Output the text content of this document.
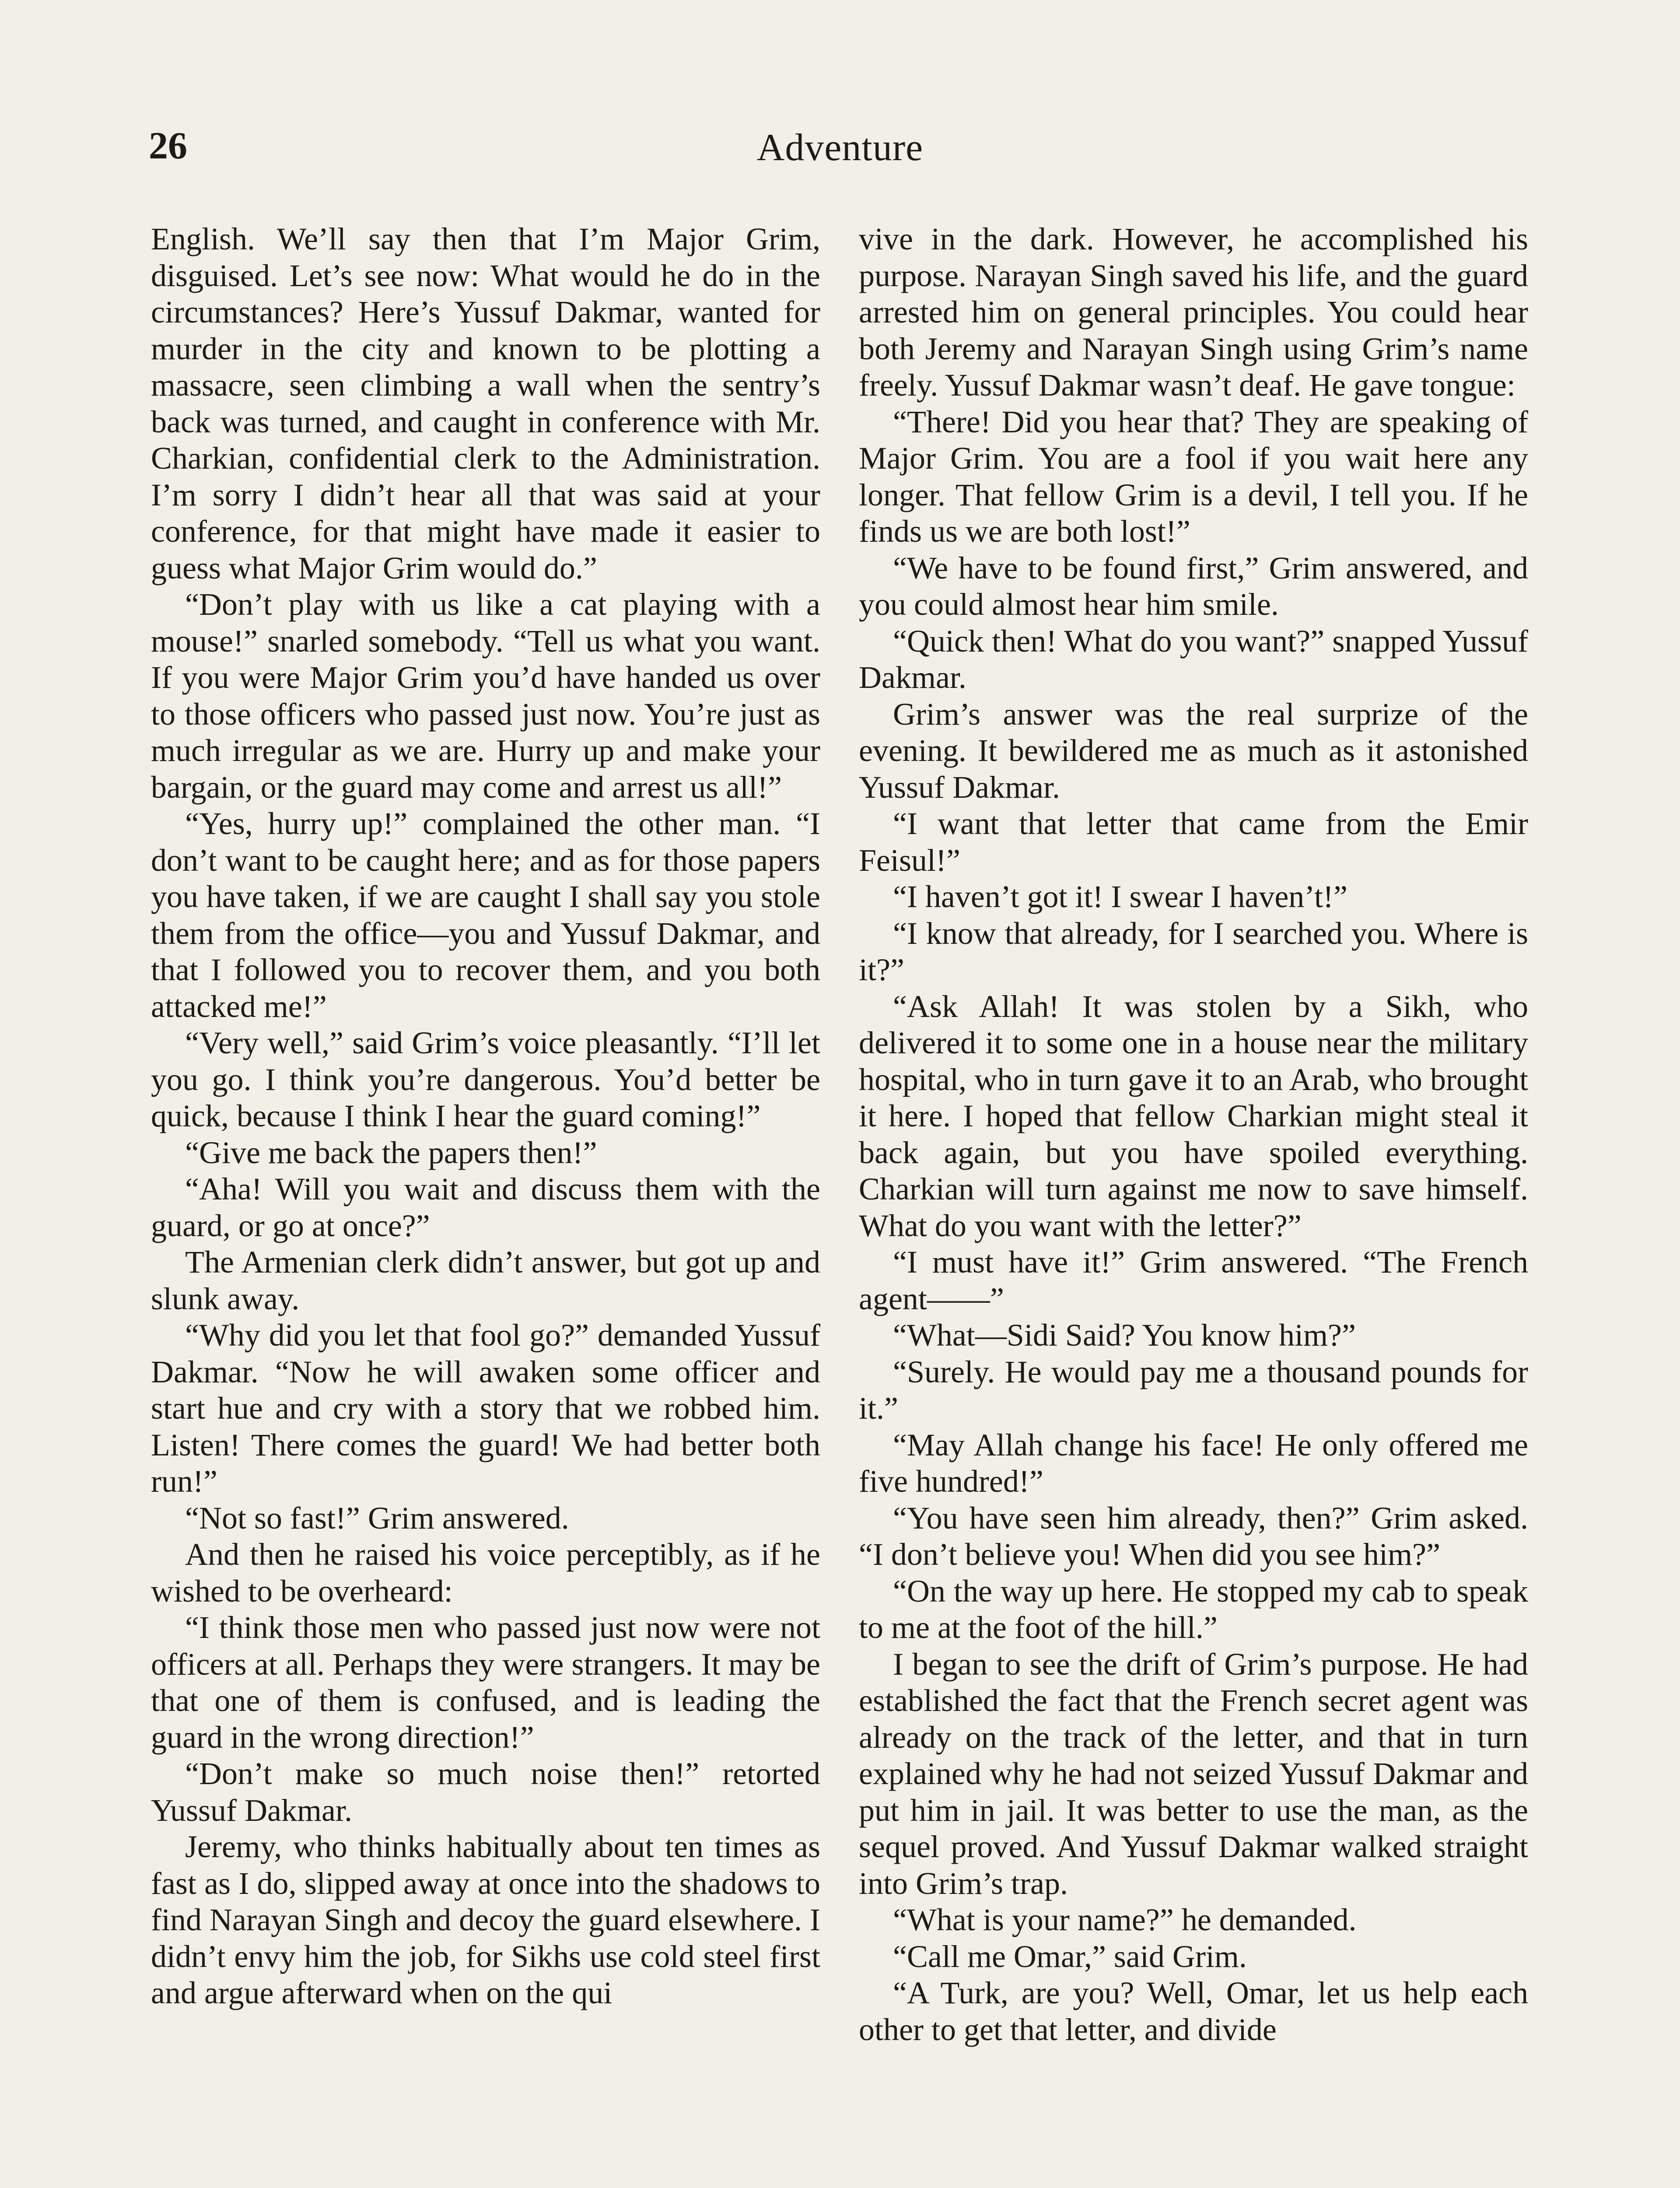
26	Adventure

English. We’ll say then that I’m Major Grim, disguised. Let’s see now: What would he do in the circumstances? Here’s Yussuf Dakmar, wanted for murder in the city and known to be plotting a massacre, seen climbing a wall when the sentry’s back was turned, and caught in conference with Mr. Charkian, confidential clerk to the Administration. I’m sorry I didn’t hear all that was said at your conference, for that might have made it easier to guess what Major Grim would do.”

“Don’t play with us like a cat playing with a mouse!” snarled somebody. “Tell us what you want. If you were Major Grim you’d have handed us over to those officers who passed just now. You’re just as much irregular as we are. Hurry up and make your bargain, or the guard may come and arrest us all!”

“Yes, hurry up!” complained the other man. “I don’t want to be caught here; and as for those papers you have taken, if we are caught I shall say you stole them from the office—you and Yussuf Dakmar, and that I followed you to recover them, and you both attacked me!”

“Very well,” said Grim’s voice pleasantly. “I’ll let you go. I think you’re dangerous. You’d better be quick, because I think I hear the guard coming!”

“Give me back the papers then!”

“Aha! Will you wait and discuss them with the guard, or go at once?”

The Armenian clerk didn’t answer, but got up and slunk away.

“Why did you let that fool go?” demanded Yussuf Dakmar. “Now he will awaken some officer and start hue and cry with a story that we robbed him. Listen! There comes the guard! We had better both run!”

“Not so fast!” Grim answered.

And then he raised his voice perceptibly, as if he wished to be overheard:

“I think those men who passed just now were not officers at all. Perhaps they were strangers. It may be that one of them is confused, and is leading the guard in the wrong direction!”

“Don’t make so much noise then!” retorted Yussuf Dakmar.

Jeremy, who thinks habitually about ten times as fast as I do, slipped away at once into the shadows to find Narayan Singh and decoy the guard elsewhere. I didn’t envy him the job, for Sikhs use cold steel first and argue afterward when on the qui

vive in the dark. However, he accomplished his purpose. Narayan Singh saved his life, and the guard arrested him on general principles. You could hear both Jeremy and Narayan Singh using Grim’s name freely. Yussuf Dakmar wasn’t deaf. He gave tongue:

“There! Did you hear that? They are speaking of Major Grim. You are a fool if you wait here any longer. That fellow Grim is a devil, I tell you. If he finds us we are both lost!”

“We have to be found first,” Grim answered, and you could almost hear him smile.

“Quick then! What do you want?” snapped Yussuf Dakmar.

Grim’s answer was the real surprize of the evening. It bewildered me as much as it astonished Yussuf Dakmar.

“I want that letter that came from the Emir Feisul!”

“I haven’t got it! I swear I haven’t!”

“I know that already, for I searched you. Where is it?”

“Ask Allah! It was stolen by a Sikh, who delivered it to some one in a house near the military hospital, who in turn gave it to an Arab, who brought it here. I hoped that fellow Charkian might steal it back again, but you have spoiled everything. Charkian will turn against me now to save himself. What do you want with the letter?”

“I must have it!” Grim answered. “The French agent——”

“What—Sidi Said? You know him?”

“Surely. He would pay me a thousand pounds for it.”

“May Allah change his face! He only offered me five hundred!”

“You have seen him already, then?” Grim asked. “I don’t believe you! When did you see him?”

“On the way up here. He stopped my cab to speak to me at the foot of the hill.”

I began to see the drift of Grim’s purpose. He had established the fact that the French secret agent was already on the track of the letter, and that in turn explained why he had not seized Yussuf Dakmar and put him in jail. It was better to use the man, as the sequel proved. And Yussuf Dakmar walked straight into Grim’s trap.

“What is your name?” he demanded.

“Call me Omar,” said Grim.

“A Turk, are you? Well, Omar, let us help each other to get that letter, and divide
